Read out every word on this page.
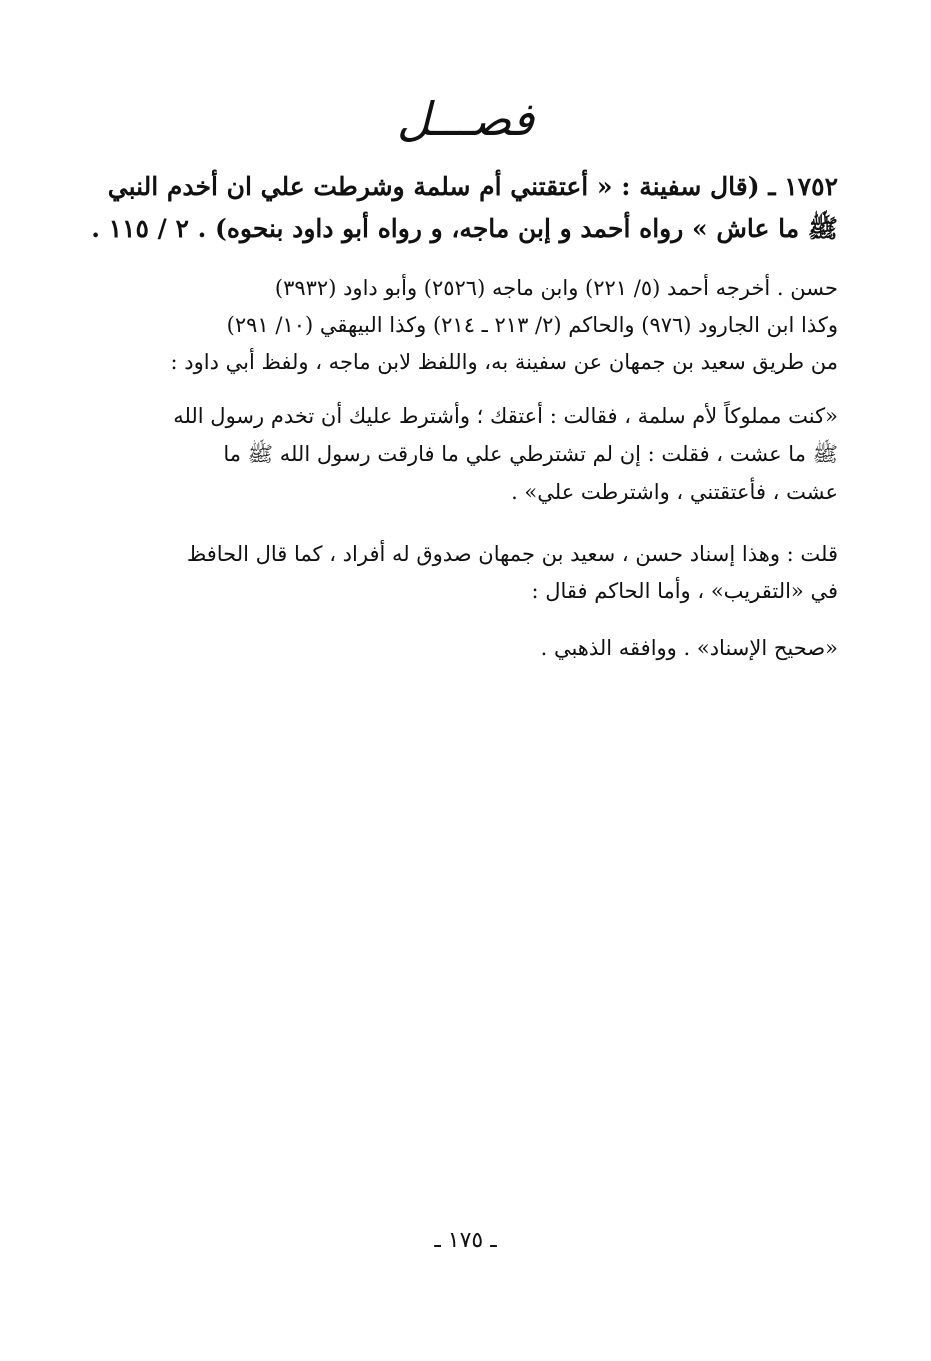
فصـــل
١٧٥٢ ـ (قال سفينة : « أعتقتني أم سلمة وشرطت علي ان أخدم النبي
ﷺ ما عاش » رواه أحمد و إبن ماجه، و رواه أبو داود بنحوه) . ٢ / ١١٥ .
حسن . أخرجه أحمد (٥/ ٢٢١) وابن ماجه (٢٥٢٦) وأبو داود (٣٩٣٢)
وكذا ابن الجارود (٩٧٦) والحاكم (٢/ ٢١٣ ـ ٢١٤) وكذا البيهقي (١٠/ ٢٩١)
من طريق سعيد بن جمهان عن سفينة به، واللفظ لابن ماجه ، ولفظ أبي داود :
«كنت مملوكاً لأم سلمة ، فقالت : أعتقك ؛ وأشترط عليك أن تخدم رسول الله
ﷺ ما عشت ، فقلت : إن لم تشترطي علي ما فارقت رسول الله ﷺ ما
عشت ، فأعتقتني ، واشترطت علي» .
قلت : وهذا إسناد حسن ، سعيد بن جمهان صدوق له أفراد ، كما قال الحافظ
في «التقريب» ، وأما الحاكم فقال :
«صحيح الإسناد» . ووافقه الذهبي .
ـ ١٧٥ ـ
